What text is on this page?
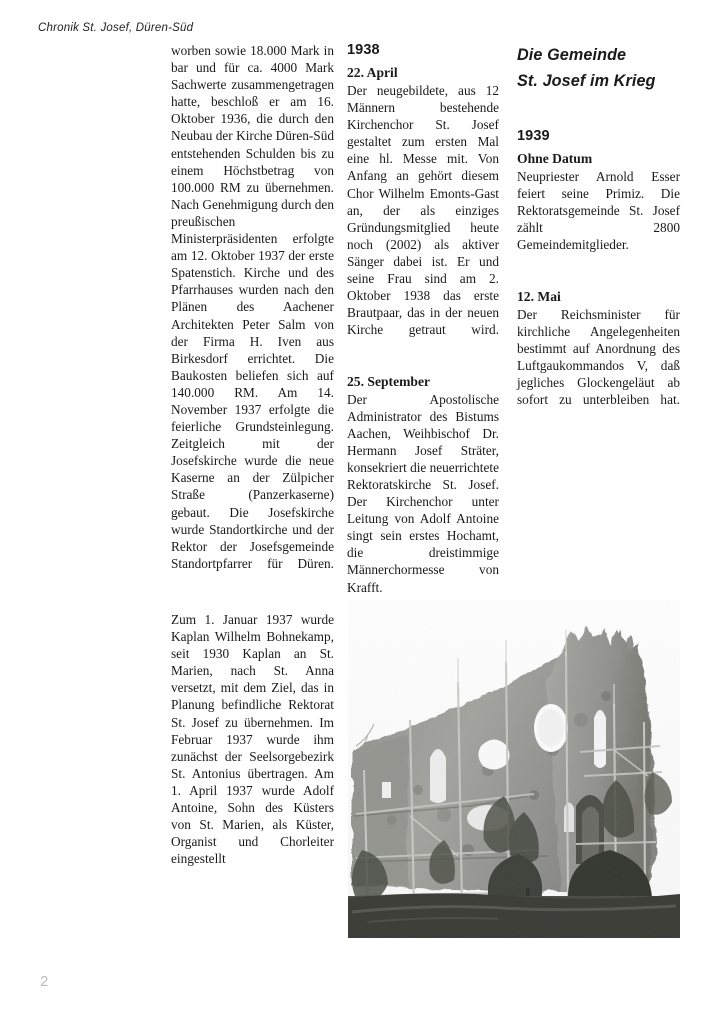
Chronik St. Josef, Düren-Süd

worben sowie 18.000 Mark in bar und für ca. 4000 Mark Sachwerte zusammengetragen hatte, beschloß er am 16. Oktober 1936, die durch den Neubau der Kirche Düren-Süd entstehenden Schulden bis zu einem Höchstbetrag von 100.000 RM zu übernehmen. Nach Genehmigung durch den preußischen Ministerpräsidenten erfolgte am 12. Oktober 1937 der erste Spatenstich. Kirche und des Pfarrhauses wurden nach den Plänen des Aachener Architekten Peter Salm von der Firma H. Iven aus Birkesdorf errichtet. Die Baukosten beliefen sich auf 140.000 RM. Am 14. November 1937 erfolgte die feierliche Grundsteinlegung. Zeitgleich mit der Josefskirche wurde die neue Kaserne an der Zülpicher Straße (Panzerkaserne) gebaut. Die Josefskirche wurde Standortkirche und der Rektor der Josefsgemeinde Standortpfarrer für Düren.

Zum 1. Januar 1937 wurde Kaplan Wilhelm Bohnekamp, seit 1930 Kaplan an St. Marien, nach St. Anna versetzt, mit dem Ziel, das in Planung befindliche Rektorat St. Josef zu übernehmen. Im Februar 1937 wurde ihm zunächst der Seelsorgebezirk St. Antonius übertragen. Am 1. April 1937 wurde Adolf Antoine, Sohn des Küsters von St. Marien, als Küster, Organist und Chorleiter eingestellt

1938
22. April

Der neugebildete, aus 12 Männern bestehende Kirchenchor St. Josef gestaltet zum ersten Mal eine hl. Messe mit. Von Anfang an gehört diesem Chor Wilhelm Emonts-Gast an, der als einziges Gründungsmitglied heute noch (2002) als aktiver Sänger dabei ist. Er und seine Frau sind am 2. Oktober 1938 das erste Brautpaar, das in der neuen Kirche getraut wird.

25. September

Der Apostolische Administrator des Bistums Aachen, Weihbischof Dr. Hermann Josef Sträter, konsekriert die neuerrichtete Rektoratskirche St. Josef. Der Kirchenchor unter Leitung von Adolf Antoine singt sein erstes Hochamt, die dreistimmige Männerchormesse von Krafft.

Die Gemeinde
St. Josef im Krieg
1939
Ohne Datum

Neupriester Arnold Esser feiert seine Primiz. Die Rektoratsgemeinde St. Josef zählt 2800 Gemeindemitglieder.

12. Mai

Der Reichsminister für kirchliche Angelegenheiten bestimmt auf Anordnung des Luftgaukommandos V, daß jegliches Glockengeläut ab sofort zu unterbleiben hat.

2
